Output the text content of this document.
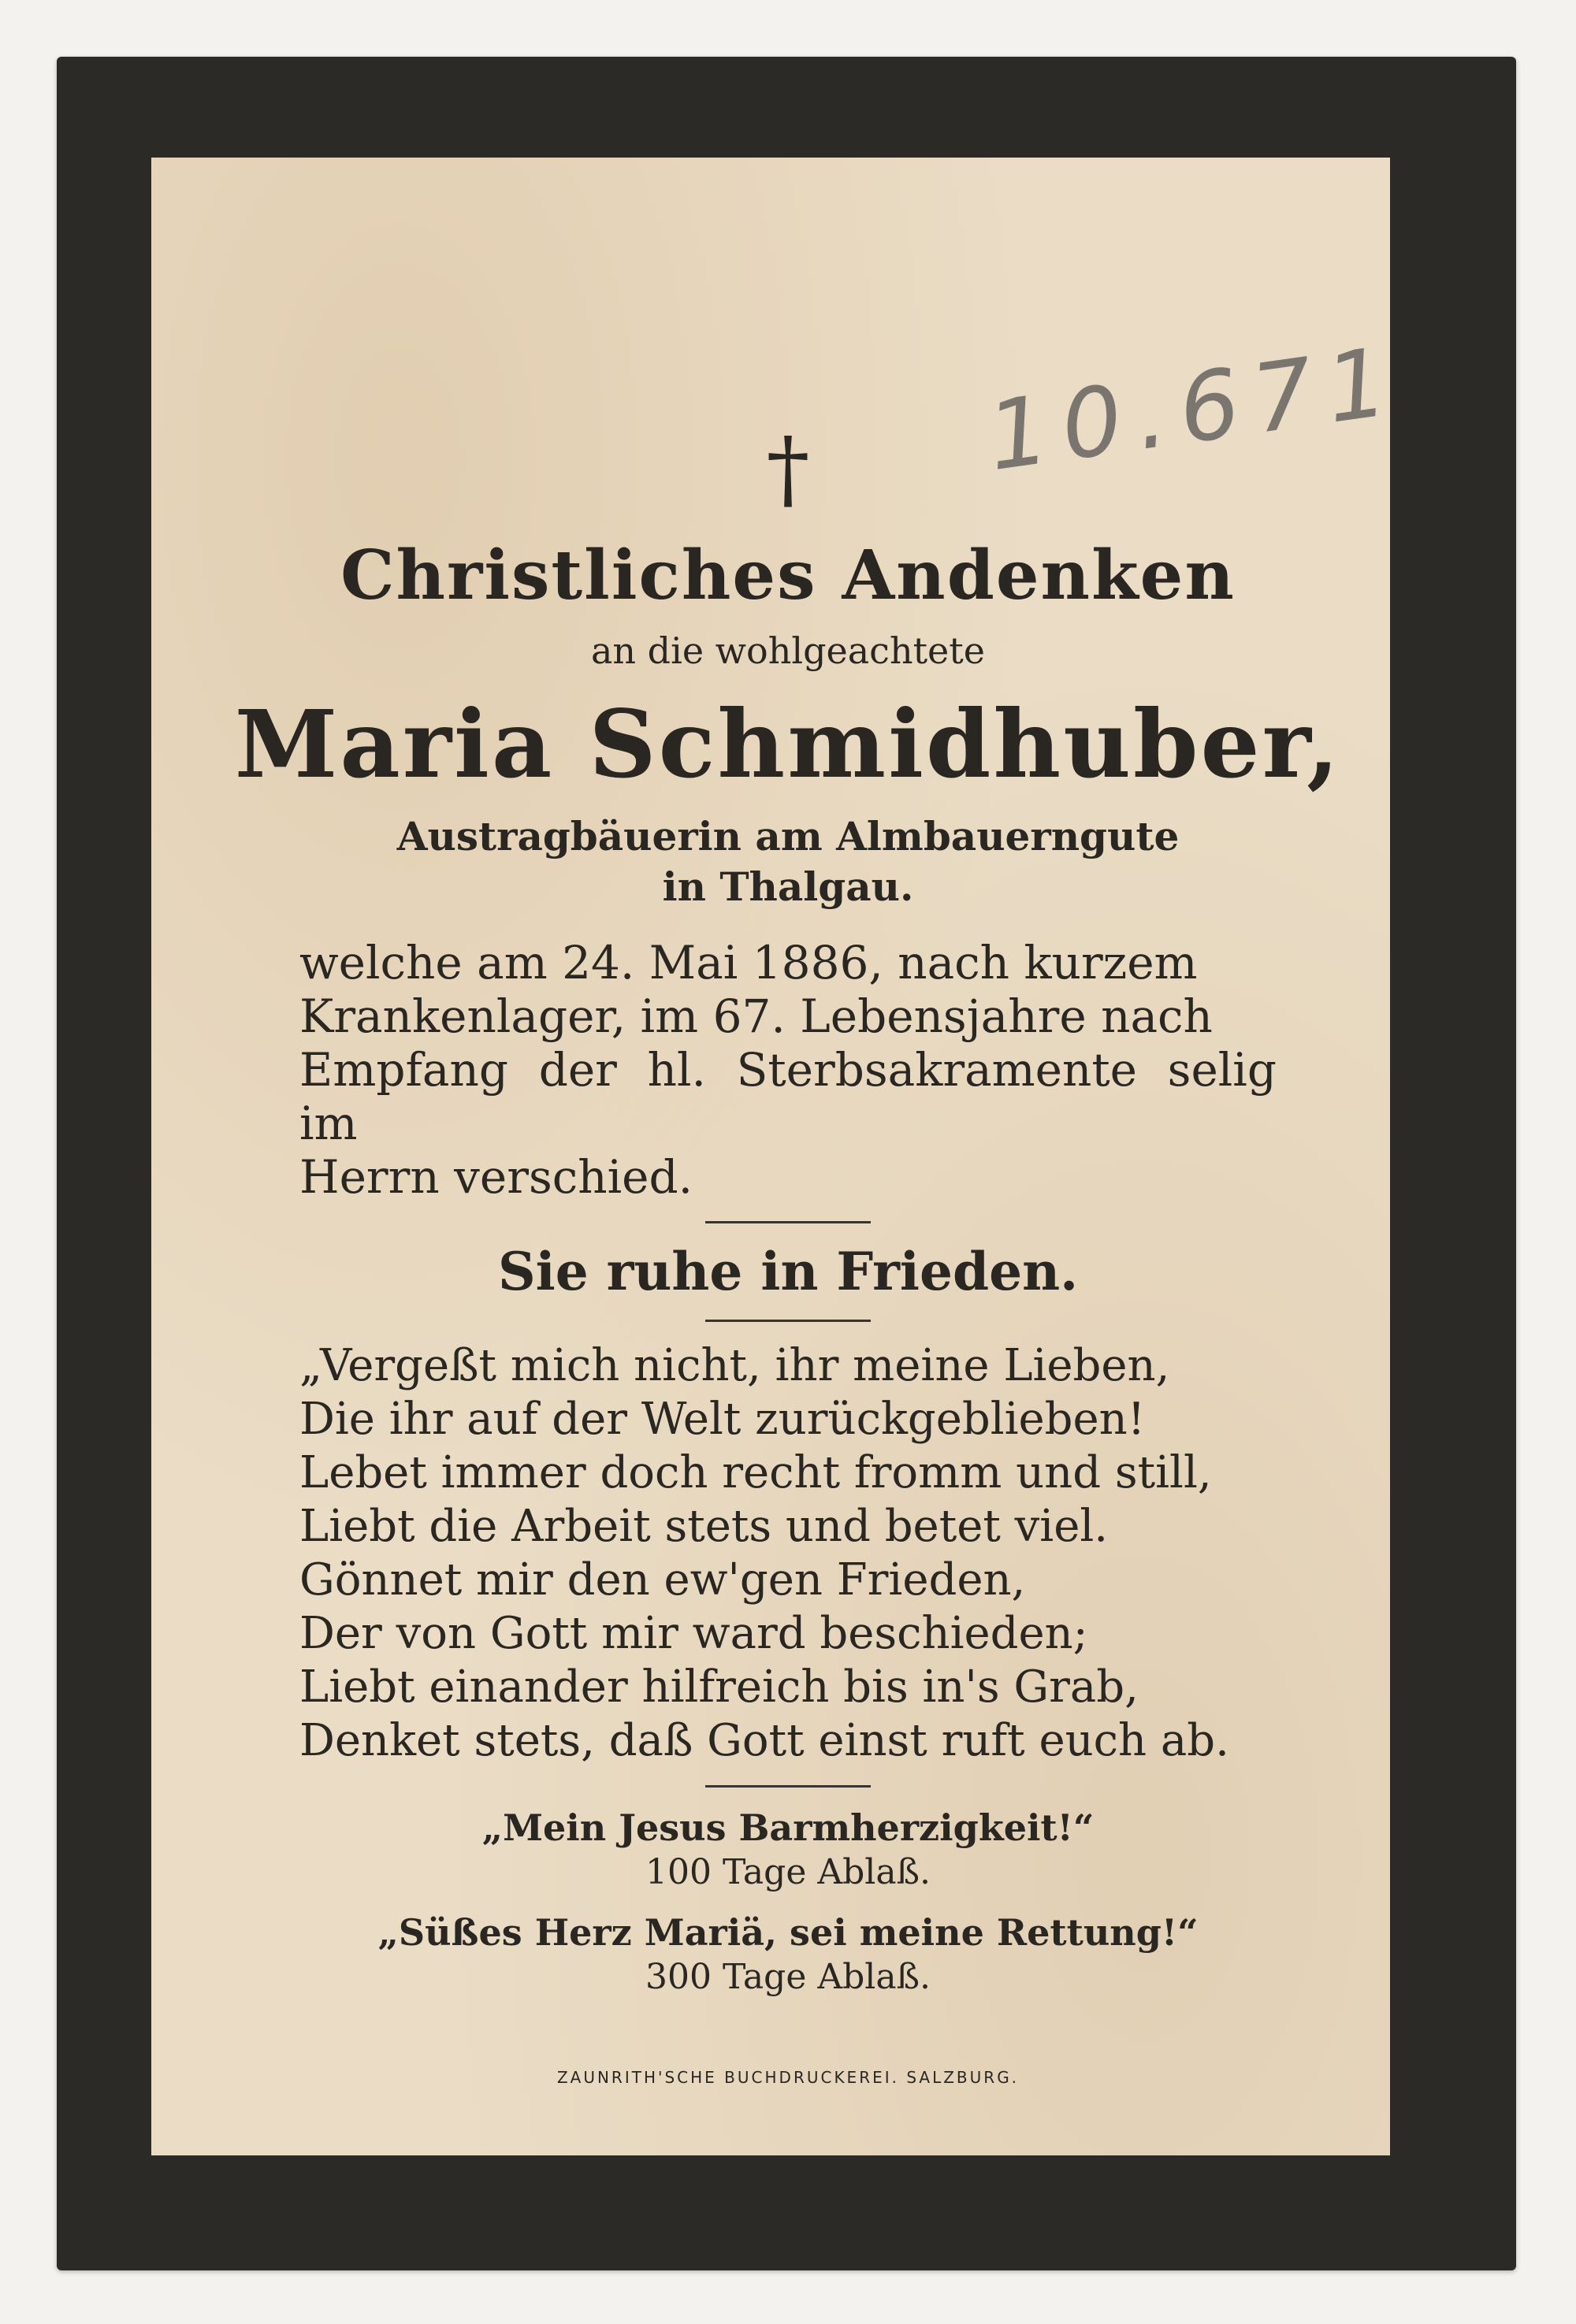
10.671
†
Christliches Andenken
an die wohlgeachtete
Maria Schmidhuber,
Austragbäuerin am Almbauerngute
in Thalgau.
welche am 24. Mai 1886, nach kurzem
Krankenlager, im 67. Lebensjahre nach
Empfang der hl. Sterbsakramente selig im
Herrn verschied.
Sie ruhe in Frieden.
„Vergeßt mich nicht, ihr meine Lieben,
Die ihr auf der Welt zurückgeblieben!
Lebet immer doch recht fromm und still,
Liebt die Arbeit stets und betet viel.
Gönnet mir den ew'gen Frieden,
Der von Gott mir ward beschieden;
Liebt einander hilfreich bis in's Grab,
Denket stets, daß Gott einst ruft euch ab.
„Mein Jesus Barmherzigkeit!“
100 Tage Ablaß.
„Süßes Herz Mariä, sei meine Rettung!“
300 Tage Ablaß.
ZAUNRITH'SCHE BUCHDRUCKEREI. SALZBURG.
